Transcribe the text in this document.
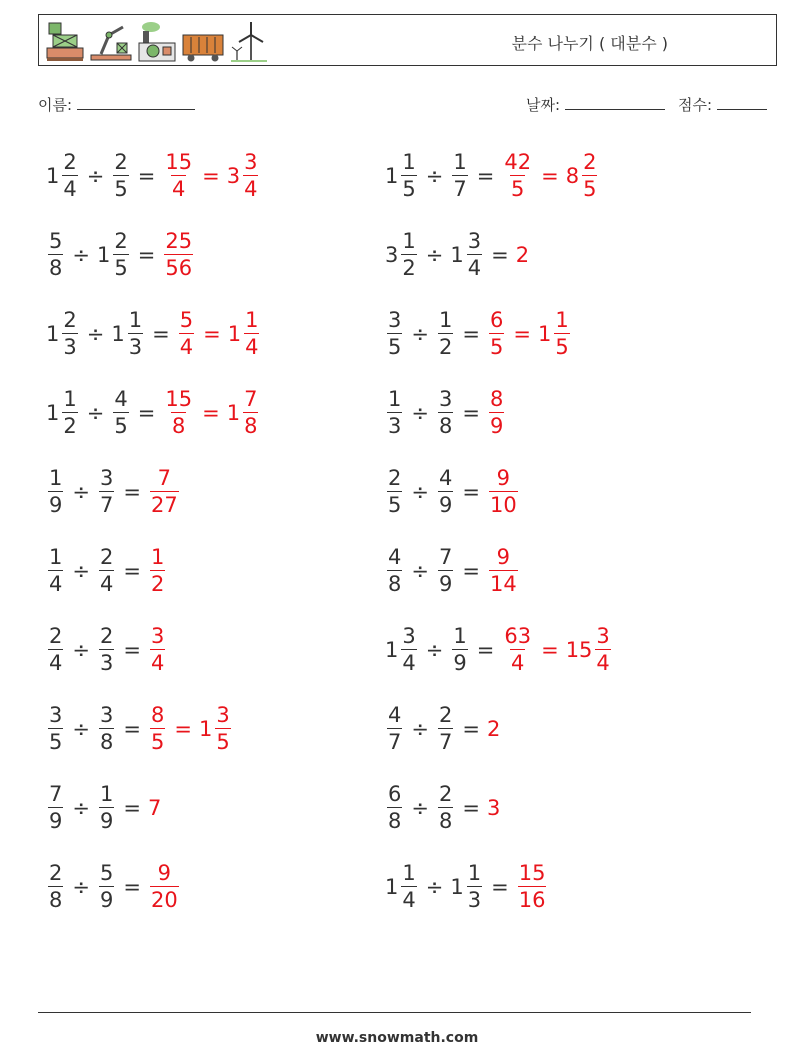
분수 나누기 ( 대분수 )
이름:	날짜:	점수:
$1 \frac{2}{4} \div \frac{2}{5} = \frac{15}{4} = 3 \frac{3}{4}$
$\frac{5}{8} \div 1 \frac{2}{5} = \frac{25}{56}$
$1 \frac{2}{3} \div 1 \frac{1}{3} = \frac{5}{4} = 1 \frac{1}{4}$
$1 \frac{1}{2} \div \frac{4}{5} = \frac{15}{8} = 1 \frac{7}{8}$
$\frac{1}{9} \div \frac{3}{7} = \frac{7}{27}$
$\frac{1}{4} \div \frac{2}{4} = \frac{1}{2}$
$\frac{2}{4} \div \frac{2}{3} = \frac{3}{4}$
$\frac{3}{5} \div \frac{3}{8} = \frac{8}{5} = 1 \frac{3}{5}$
$\frac{7}{9} \div \frac{1}{9} = 7$
$\frac{2}{8} \div \frac{5}{9} = \frac{9}{20}$
$1 \frac{1}{5} \div \frac{1}{7} = \frac{42}{5} = 8 \frac{2}{5}$
$3 \frac{1}{2} \div 1 \frac{3}{4} = 2$
$\frac{3}{5} \div \frac{1}{2} = \frac{6}{5} = 1 \frac{1}{5}$
$\frac{1}{3} \div \frac{3}{8} = \frac{8}{9}$
$\frac{2}{5} \div \frac{4}{9} = \frac{9}{10}$
$\frac{4}{8} \div \frac{7}{9} = \frac{9}{14}$
$1 \frac{3}{4} \div \frac{1}{9} = \frac{63}{4} = 15 \frac{3}{4}$
$\frac{4}{7} \div \frac{2}{7} = 2$
$\frac{6}{8} \div \frac{2}{8} = 3$
$1 \frac{1}{4} \div 1 \frac{1}{3} = \frac{15}{16}$
www.snowmath.com
